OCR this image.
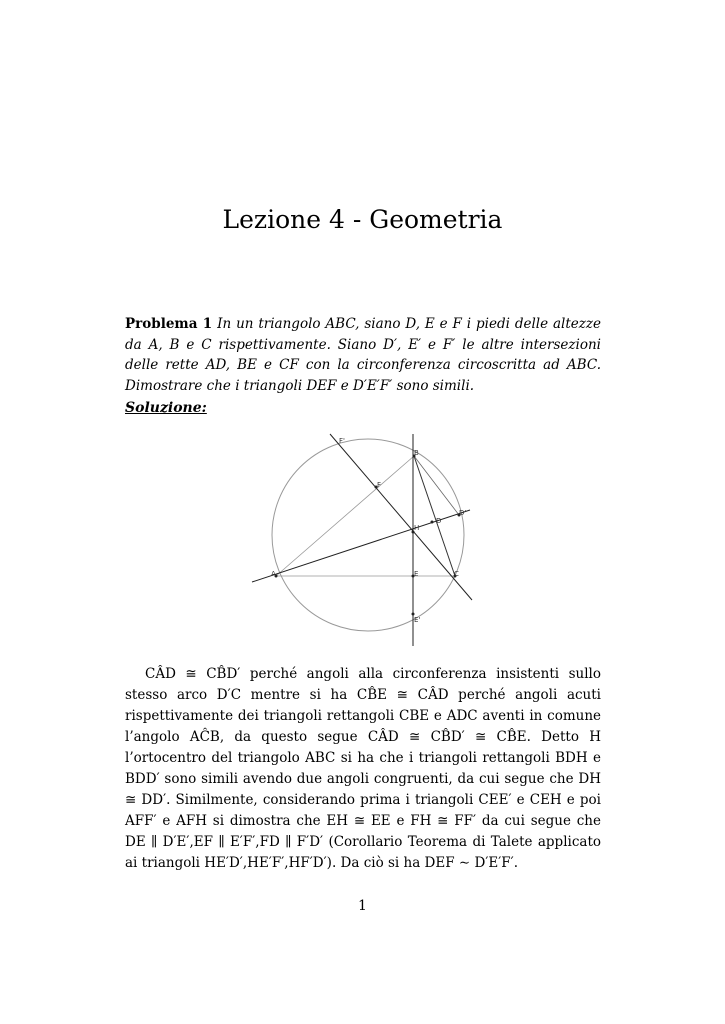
Lezione 4 - Geometria
Problema 1 In un triangolo ABC, siano D, E e F i piedi delle altezze da A, B e C rispettivamente. Siano D′, E′ e F′ le altre intersezioni delle rette AD, BE e CF con la circonferenza circoscritta ad ABC. Dimostrare che i triangoli DEF e D′E′F′ sono simili.
Soluzione:
F'
B
F
D
D'
H
A	E	C
E'

CÂD ≅ CB̂D′ perché angoli alla circonferenza insistenti sullo stesso arco D′C mentre si ha CB̂E ≅ CÂD perché angoli acuti rispettivamente dei triangoli rettangoli CBE e ADC aventi in comune l’angolo AĈB, da questo segue CÂD ≅ CB̂D′ ≅ CB̂E. Detto H l’ortocentro del triangolo ABC si ha che i triangoli rettangoli BDH e BDD′ sono simili avendo due angoli congruenti, da cui segue che DH ≅ DD′. Similmente, considerando prima i triangoli CEE′ e CEH e poi AFF′ e AFH si dimostra che EH ≅ EE e FH ≅ FF′ da cui segue che DE ∥ D′E′,EF ∥ E′F′,FD ∥ F′D′ (Corollario Teorema di Talete applicato ai triangoli HE′D′,HE′F′,HF′D′). Da ciò si ha DEF ∼ D′E′F′.

1
